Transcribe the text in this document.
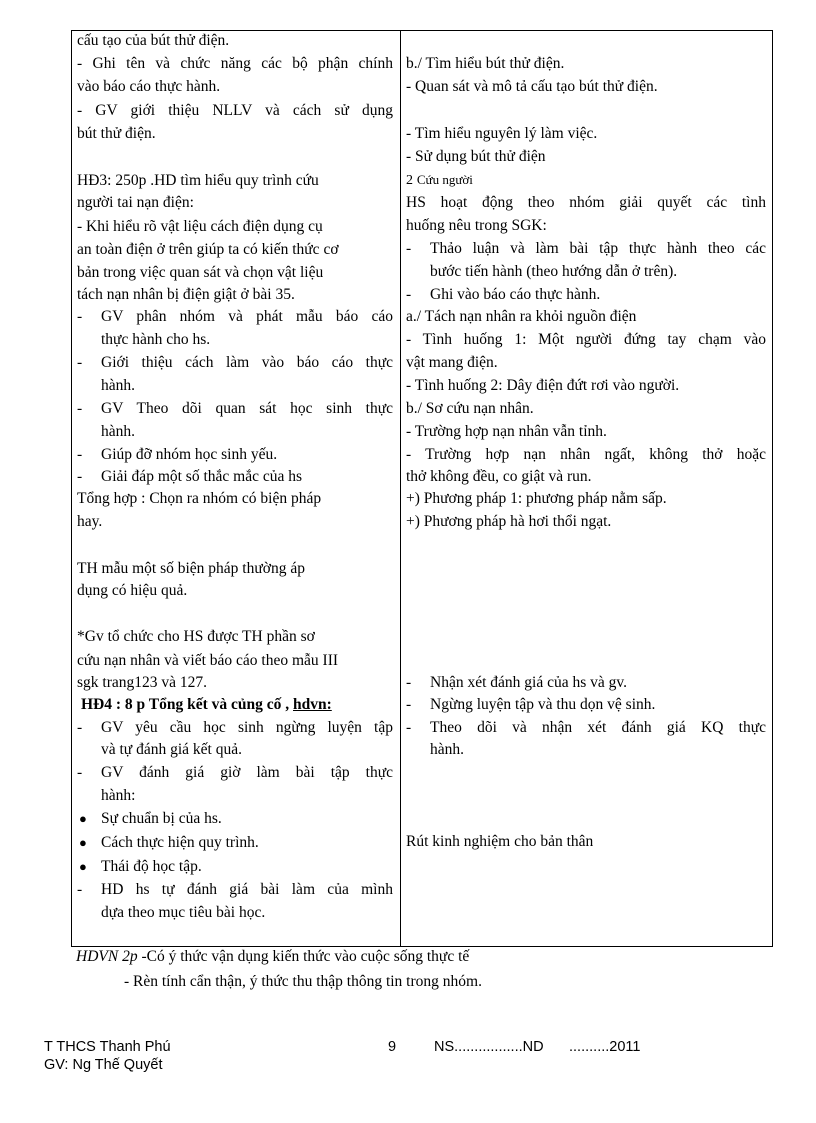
cấu tạo của bút thử điện.
- Ghi tên và chức năng các bộ phận chính
vào báo cáo thực hành.
- GV giới thiệu NLLV và cách sử dụng
bút thử điện.
HĐ3: 250p .HD tìm hiểu quy trình cứu
người tai nạn điện:
- Khi hiểu rõ vật liệu cách điện dụng cụ
an toàn điện ở trên giúp ta có kiến thức cơ
bản trong việc quan sát và chọn vật liệu
tách nạn nhân bị điện giật ở bài 35.
- GV phân nhóm và phát mẫu báo cáo
thực hành cho hs.
- Giới thiệu cách làm vào báo cáo thực
hành.
- GV Theo dõi quan sát học sinh thực
hành.
- Giúp đỡ nhóm học sinh yếu.
- Giải đáp một số thắc mắc của hs
Tổng hợp : Chọn ra nhóm có biện pháp
hay.
TH mẫu một số biện pháp thường áp
dụng có hiệu quả.
*Gv tổ chức cho HS được TH phần sơ
cứu nạn nhân và viết báo cáo theo mẫu III
sgk trang123 và 127.
HĐ4 : 8 p Tổng kết và củng cố , hdvn:
- GV yêu cầu học sinh ngừng luyện tập
và tự đánh giá kết quả.
- GV đánh giá giờ làm bài tập thực
hành:
● Sự chuẩn bị của hs.
● Cách thực hiện quy trình.
● Thái độ học tập.
- HD hs tự đánh giá bài làm của mình
dựa theo mục tiêu bài học.
b./ Tìm hiểu bút thử điện.
- Quan sát và mô tả cấu tạo bút thử điện.
- Tìm hiểu nguyên lý làm việc.
- Sử dụng bút thử điện
2 Cứu người
HS hoạt động theo nhóm giải quyết các tình
huống nêu trong SGK:
- Thảo luận và làm bài tập thực hành theo các
bước tiến hành (theo hướng dẫn ở trên).
- Ghi vào báo cáo thực hành.
a./ Tách nạn nhân ra khỏi nguồn điện
- Tình huống 1: Một người đứng tay chạm vào
vật mang điện.
- Tình huống 2: Dây điện đứt rơi vào người.
b./ Sơ cứu nạn nhân.
- Trường hợp nạn nhân vẫn tỉnh.
- Trường hợp nạn nhân ngất, không thở hoặc
thở không đều, co giật và run.
+) Phương pháp 1: phương pháp nằm sấp.
+) Phương pháp hà hơi thổi ngạt.
- Nhận xét đánh giá của hs và gv.
- Ngừng luyện tập và thu dọn vệ sinh.
- Theo dõi và nhận xét đánh giá KQ thực
hành.
Rút kinh nghiệm cho bản thân
HDVN 2p -Có ý thức vận dụng kiến thức vào cuộc sống thực tế
- Rèn tính cẩn thận, ý thức thu thập thông tin trong nhóm.
T THCS Thanh Phú
GV: Ng Thế Quyết
9	NS.................ND ..........2011
